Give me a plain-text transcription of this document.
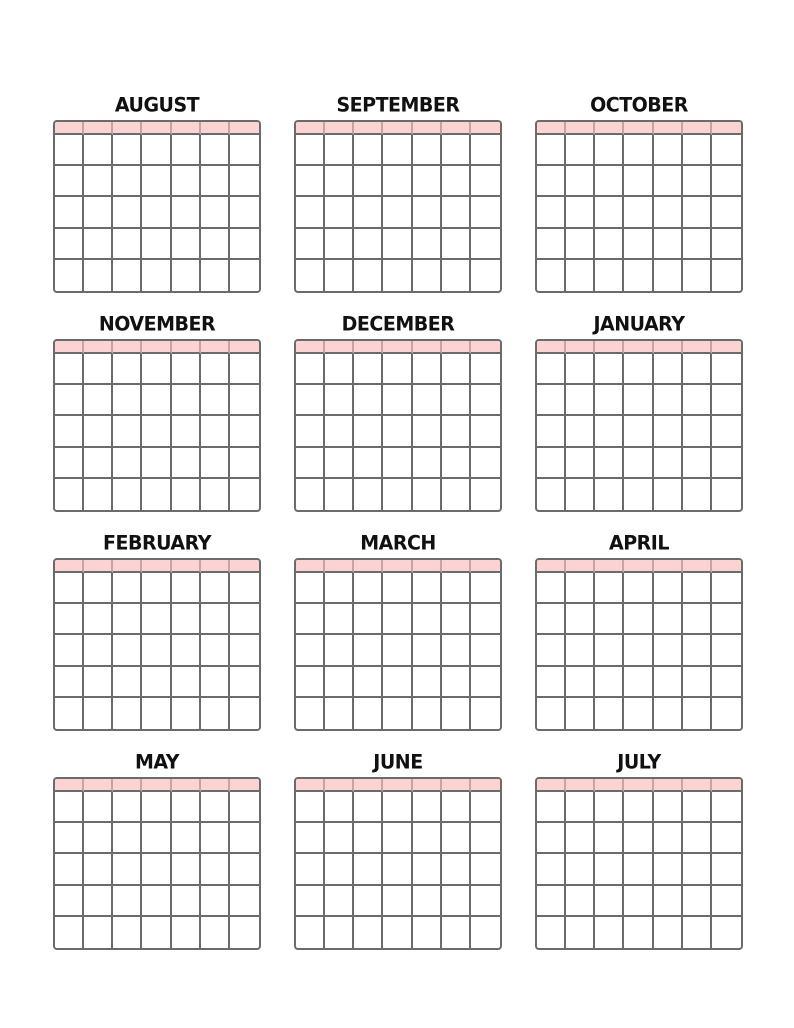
AUGUST	SEPTEMBER	OCTOBER
NOVEMBER	DECEMBER	JANUARY
FEBRUARY	MARCH	APRIL
MAY	JUNE	JULY
